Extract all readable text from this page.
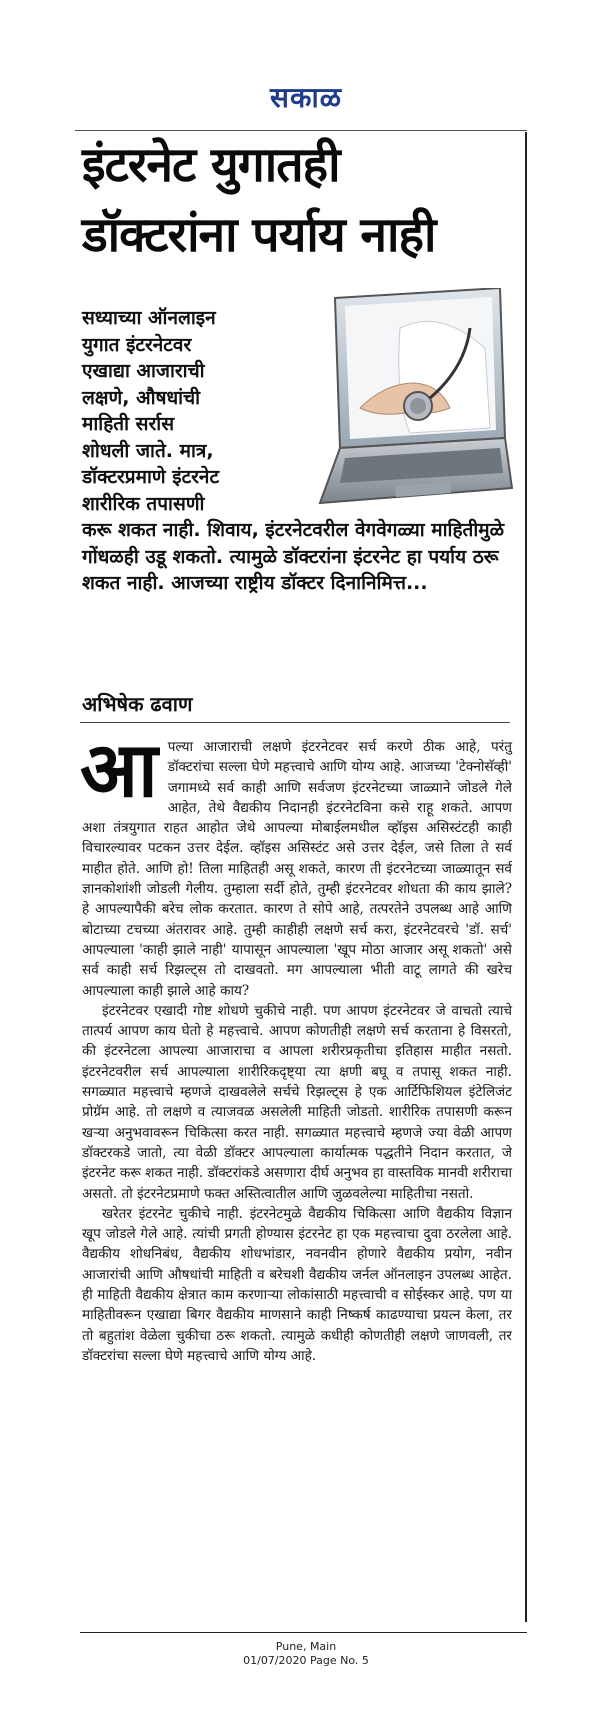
सकाळ
इंटरनेट युगातही
डॉक्टरांना पर्याय नाही
सध्याच्या ऑनलाइन
युगात इंटरनेटवर
एखाद्या आजाराची
लक्षणे, औषधांची
माहिती सर्रास
शोधली जाते. मात्र,
डॉक्टरप्रमाणे इंटरनेट
शारीरिक तपासणी
करू शकत नाही. शिवाय, इंटरनेटवरील वेगवेगळ्या माहितीमुळे गोंधळही उडू शकतो. त्यामुळे डॉक्टरांना इंटरनेट हा पर्याय ठरू शकत नाही. आजच्या राष्ट्रीय डॉक्टर दिनानिमित्त...
अभिषेक ढवाण

आपल्या आजाराची लक्षणे इंटरनेटवर सर्च करणे ठीक आहे, परंतु डॉक्टरांचा सल्ला घेणे महत्त्वाचे आणि योग्य आहे. आजच्या 'टेक्नोसॅव्ही' जगामध्ये सर्व काही आणि सर्वजण इंटरनेटच्या जाळ्याने जोडले गेले आहेत, तेथे वैद्यकीय निदानही इंटरनेटविना कसे राहू शकते. आपण अशा तंत्रयुगात राहत आहोत जेथे आपल्या मोबाईलमधील व्हॉइस असिस्टंटही काही विचारल्यावर पटकन उत्तर देईल. व्हॉइस असिस्टंट असे उत्तर देईल, जसे तिला ते सर्व माहीत होते. आणि हो! तिला माहितही असू शकते, कारण ती इंटरनेटच्या जाळ्यातून सर्व ज्ञानकोशांशी जोडली गेलीय. तुम्हाला सर्दी होते, तुम्ही इंटरनेटवर शोधता की काय झाले? हे आपल्यापैकी बरेच लोक करतात. कारण ते सोपे आहे, तत्परतेने उपलब्ध आहे आणि बोटाच्या टचच्या अंतरावर आहे. तुम्ही काहीही लक्षणे सर्च करा, इंटरनेटवरचे 'डॉ. सर्च' आपल्याला 'काही झाले नाही' यापासून आपल्याला 'खूप मोठा आजार असू शकतो' असे सर्व काही सर्च रिझल्ट्स तो दाखवतो. मग आपल्याला भीती वाटू लागते की खरेच आपल्याला काही झाले आहे काय?

इंटरनेटवर एखादी गोष्ट शोधणे चुकीचे नाही. पण आपण इंटरनेटवर जे वाचतो त्याचे तात्पर्य आपण काय घेतो हे महत्त्वाचे. आपण कोणतीही लक्षणे सर्च करताना हे विसरतो, की इंटरनेटला आपल्या आजाराचा व आपला शरीरप्रकृतीचा इतिहास माहीत नसतो. इंटरनेटवरील सर्च आपल्याला शारीरिकदृष्ट्या त्या क्षणी बघू व तपासू शकत नाही. सगळ्यात महत्त्वाचे म्हणजे दाखवलेले सर्चचे रिझल्ट्स हे एक आर्टिफिशियल इंटेलिजंट प्रोग्रॅम आहे. तो लक्षणे व त्याजवळ असलेली माहिती जोडतो. शारीरिक तपासणी करून खऱ्या अनुभवावरून चिकित्सा करत नाही. सगळ्यात महत्त्वाचे म्हणजे ज्या वेळी आपण डॉक्टरकडे जातो, त्या वेळी डॉक्टर आपल्याला कार्यात्मक पद्धतीने निदान करतात, जे इंटरनेट करू शकत नाही. डॉक्टरांकडे असणारा दीर्घ अनुभव हा वास्तविक मानवी शरीराचा असतो. तो इंटरनेटप्रमाणे फक्त अस्तित्वातील आणि जुळवलेल्या माहितीचा नसतो.

खरेतर इंटरनेट चुकीचे नाही. इंटरनेटमुळे वैद्यकीय चिकित्सा आणि वैद्यकीय विज्ञान खूप जोडले गेले आहे. त्यांची प्रगती होण्यास इंटरनेट हा एक महत्त्वाचा दुवा ठरलेला आहे. वैद्यकीय शोधनिबंध, वैद्यकीय शोधभांडार, नवनवीन होणारे वैद्यकीय प्रयोग, नवीन आजारांची आणि औषधांची माहिती व बरेचशी वैद्यकीय जर्नल ऑनलाइन उपलब्ध आहेत. ही माहिती वैद्यकीय क्षेत्रात काम करणाऱ्या लोकांसाठी महत्त्वाची व सोईस्कर आहे. पण या माहितीवरून एखाद्या बिगर वैद्यकीय माणसाने काही निष्कर्ष काढण्याचा प्रयत्न केला, तर तो बहुतांश वेळेला चुकीचा ठरू शकतो. त्यामुळे कधीही कोणतीही लक्षणे जाणवली, तर डॉक्टरांचा सल्ला घेणे महत्त्वाचे आणि योग्य आहे.

Pune, Main
01/07/2020 Page No. 5
